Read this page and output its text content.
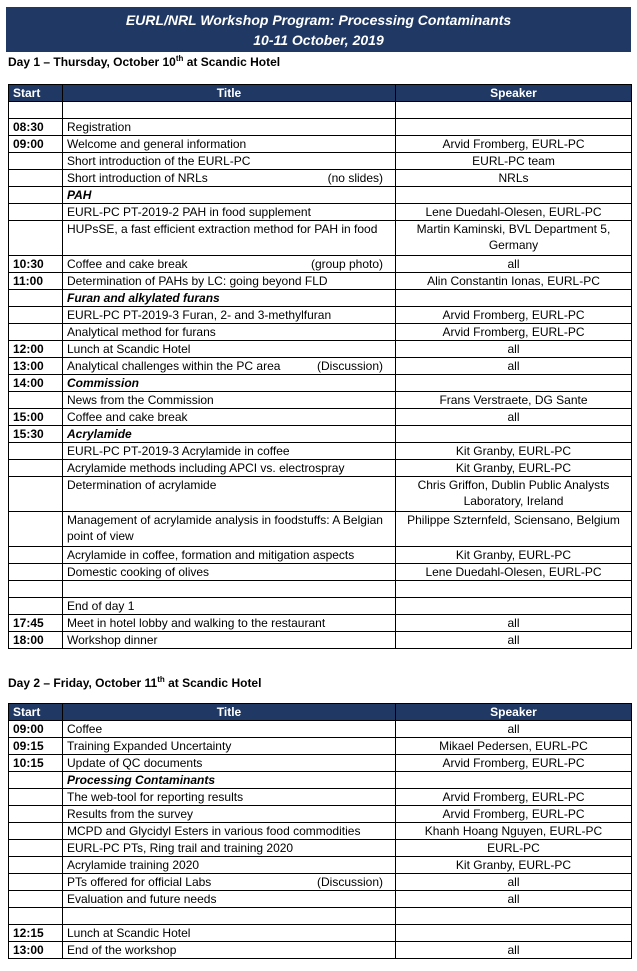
EURL/NRL Workshop Program: Processing Contaminants
10-11 October, 2019
Day 1 – Thursday, October 10th at Scandic Hotel
Start	Title	Speaker

08:30	Registration	
09:00	Welcome and general information	Arvid Fromberg, EURL-PC
	Short introduction of the EURL-PC	EURL-PC team

	Short introduction of NRLs (no slides)	NRLs
	PAH	
	EURL-PC PT-2019-2 PAH in food supplement	Lene Duedahl-Olesen, EURL-PC
	HUPsSE, a fast efficient extraction method for PAH in food	Martin Kaminski, BVL Department 5, Germany
10:30	Coffee and cake break (group photo)	all
11:00	Determination of PAHs by LC: going beyond FLD	Alin Constantin Ionas, EURL-PC
	Furan and alkylated furans	
	EURL-PC PT-2019-3 Furan, 2- and 3-methylfuran	Arvid Fromberg, EURL-PC
	Analytical method for furans	Arvid Fromberg, EURL-PC
12:00	Lunch at Scandic Hotel	all
13:00	Analytical challenges within the PC area (Discussion)	all
14:00	Commission	
	News from the Commission	Frans Verstraete, DG Sante
15:00	Coffee and cake break	all
15:30	Acrylamide	
	EURL-PC PT-2019-3 Acrylamide in coffee	Kit Granby, EURL-PC
	Acrylamide methods including APCI vs. electrospray	Kit Granby, EURL-PC
	Determination of acrylamide	Chris Griffon, Dublin Public Analysts Laboratory, Ireland
	Management of acrylamide analysis in foodstuffs: A Belgian point of view	Philippe Szternfeld, Sciensano, Belgium
	Acrylamide in coffee, formation and mitigation aspects	Kit Granby, EURL-PC
	Domestic cooking of olives	Lene Duedahl-Olesen, EURL-PC

	End of day 1	
17:45	Meet in hotel lobby and walking to the restaurant	all
18:00	Workshop dinner	all
Day 2 – Friday, October 11th at Scandic Hotel
Start	Title	Speaker
09:00	Coffee	all
09:15	Training Expanded Uncertainty	Mikael Pedersen, EURL-PC
10:15	Update of QC documents	Arvid Fromberg, EURL-PC
	Processing Contaminants	
	The web-tool for reporting results	Arvid Fromberg, EURL-PC
	Results from the survey	Arvid Fromberg, EURL-PC
	MCPD and Glycidyl Esters in various food commodities	Khanh Hoang Nguyen, EURL-PC
	EURL-PC PTs, Ring trail and training 2020	EURL-PC
	Acrylamide training 2020	Kit Granby, EURL-PC

	PTs offered for official Labs (Discussion)	all
	Evaluation and future needs	all

12:15	Lunch at Scandic Hotel	
13:00	End of the workshop	all
